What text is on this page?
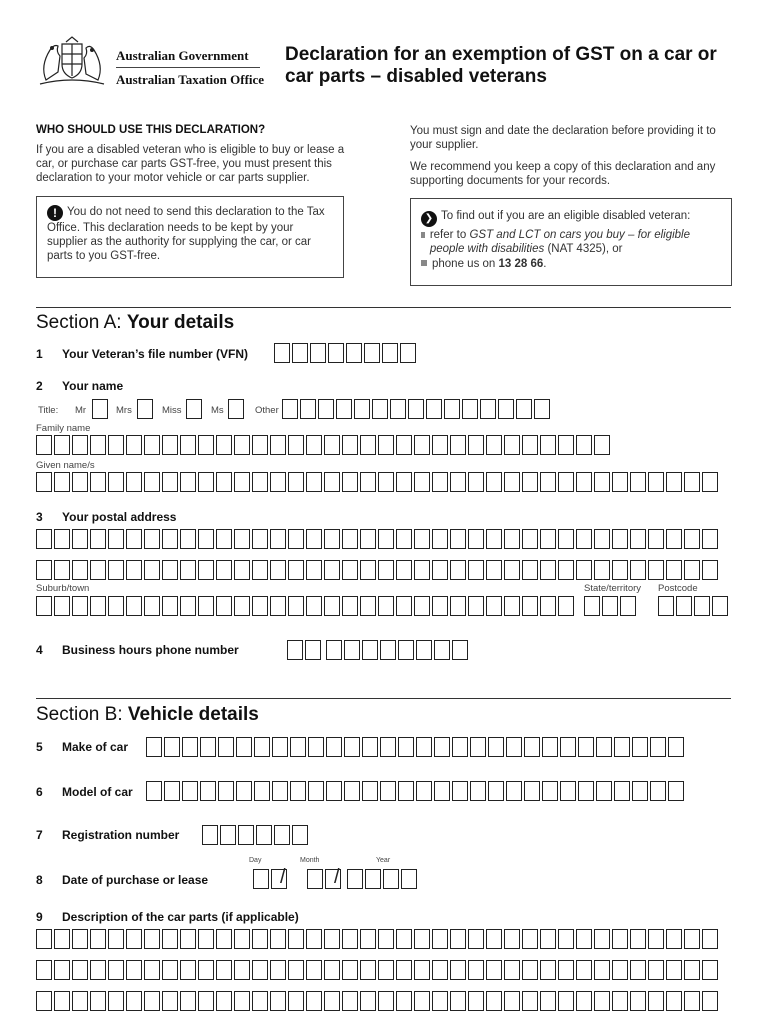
Australian Government
Australian Taxation Office
Declaration for an exemption of GST on a car or car parts – disabled veterans
WHO SHOULD USE THIS DECLARATION?
If you are a disabled veteran who is eligible to buy or lease a car, or purchase car parts GST-free, you must present this declaration to your motor vehicle or car parts supplier.
! You do not need to send this declaration to the Tax Office. This declaration needs to be kept by your supplier as the authority for supplying the car, or car parts to you GST-free.
You must sign and date the declaration before providing it to your supplier.
We recommend you keep a copy of this declaration and any supporting documents for your records.
❯ To find out if you are an eligible disabled veteran:
refer to GST and LCT on cars you buy – for eligible people with disabilities (NAT 4325), or
phone us on 13 28 66.
Section A: Your details
1 Your Veteran’s file number (VFN)
2 Your name
Title: Mr	Mrs	Miss	Ms	Other
Family name
Given name/s
3 Your postal address
Suburb/town	State/territory Postcode
4 Business hours phone number
Section B: Vehicle details
5 Make of car
6 Model of car
7 Registration number
Day	Month	Year
8 Date of purchase or lease	/ /
9 Description of the car parts (if applicable)
